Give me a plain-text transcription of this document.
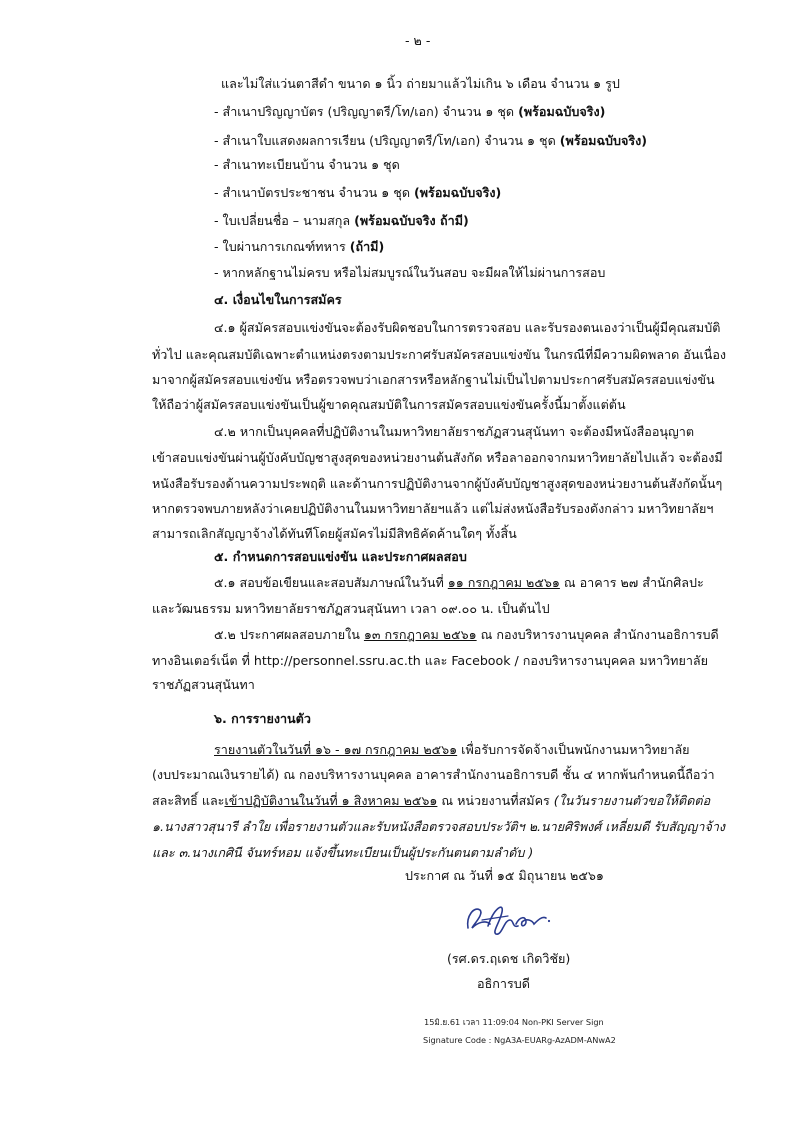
- ๒ -
และไม่ใส่แว่นตาสีดำ ขนาด ๑ นิ้ว ถ่ายมาแล้วไม่เกิน ๖ เดือน จำนวน ๑ รูป
- สำเนาปริญญาบัตร (ปริญญาตรี/โท/เอก) จำนวน ๑ ชุด (พร้อมฉบับจริง)
- สำเนาใบแสดงผลการเรียน (ปริญญาตรี/โท/เอก) จำนวน ๑ ชุด (พร้อมฉบับจริง)
- สำเนาทะเบียนบ้าน จำนวน ๑ ชุด
- สำเนาบัตรประชาชน จำนวน ๑ ชุด (พร้อมฉบับจริง)
- ใบเปลี่ยนชื่อ – นามสกุล (พร้อมฉบับจริง ถ้ามี)
- ใบผ่านการเกณฑ์ทหาร (ถ้ามี)
- หากหลักฐานไม่ครบ หรือไม่สมบูรณ์ในวันสอบ จะมีผลให้ไม่ผ่านการสอบ
๔. เงื่อนไขในการสมัคร
๔.๑ ผู้สมัครสอบแข่งขันจะต้องรับผิดชอบในการตรวจสอบ และรับรองตนเองว่าเป็นผู้มีคุณสมบัติ
ทั่วไป และคุณสมบัติเฉพาะตำแหน่งตรงตามประกาศรับสมัครสอบแข่งขัน ในกรณีที่มีความผิดพลาด อันเนื่อง
มาจากผู้สมัครสอบแข่งขัน หรือตรวจพบว่าเอกสารหรือหลักฐานไม่เป็นไปตามประกาศรับสมัครสอบแข่งขัน
ให้ถือว่าผู้สมัครสอบแข่งขันเป็นผู้ขาดคุณสมบัติในการสมัครสอบแข่งขันครั้งนี้มาตั้งแต่ต้น
๔.๒ หากเป็นบุคคลที่ปฏิบัติงานในมหาวิทยาลัยราชภัฏสวนสุนันทา จะต้องมีหนังสืออนุญาต
เข้าสอบแข่งขันผ่านผู้บังคับบัญชาสูงสุดของหน่วยงานต้นสังกัด หรือลาออกจากมหาวิทยาลัยไปแล้ว จะต้องมี
หนังสือรับรองด้านความประพฤติ และด้านการปฏิบัติงานจากผู้บังคับบัญชาสูงสุดของหน่วยงานต้นสังกัดนั้นๆ
หากตรวจพบภายหลังว่าเคยปฏิบัติงานในมหาวิทยาลัยฯแล้ว แต่ไม่ส่งหนังสือรับรองดังกล่าว มหาวิทยาลัยฯ
สามารถเลิกสัญญาจ้างได้ทันทีโดยผู้สมัครไม่มีสิทธิคัดค้านใดๆ ทั้งสิ้น
๕. กำหนดการสอบแข่งขัน และประกาศผลสอบ
๕.๑ สอบข้อเขียนและสอบสัมภาษณ์ในวันที่ ๑๑ กรกฎาคม ๒๕๖๑ ณ อาคาร ๒๗ สำนักศิลปะ
และวัฒนธรรม มหาวิทยาลัยราชภัฏสวนสุนันทา เวลา ๐๙.๐๐ น. เป็นต้นไป
๕.๒ ประกาศผลสอบภายใน ๑๓ กรกฎาคม ๒๕๖๑ ณ กองบริหารงานบุคคล สำนักงานอธิการบดี
ทางอินเตอร์เน็ต ที่ http://personnel.ssru.ac.th และ Facebook / กองบริหารงานบุคคล มหาวิทยาลัย
ราชภัฏสวนสุนันทา
๖. การรายงานตัว
รายงานตัวในวันที่ ๑๖ - ๑๗ กรกฎาคม ๒๕๖๑ เพื่อรับการจัดจ้างเป็นพนักงานมหาวิทยาลัย
(งบประมาณเงินรายได้) ณ กองบริหารงานบุคคล อาคารสำนักงานอธิการบดี ชั้น ๔ หากพ้นกำหนดนี้ถือว่า
สละสิทธิ์ และเข้าปฏิบัติงานในวันที่ ๑ สิงหาคม ๒๕๖๑ ณ หน่วยงานที่สมัคร (ในวันรายงานตัวขอให้ติดต่อ
๑.นางสาวสุนารี ลำใย เพื่อรายงานตัวและรับหนังสือตรวจสอบประวัติฯ ๒.นายศิริพงศ์ เหลี่ยมดี รับสัญญาจ้าง
และ ๓.นางเกศินี จันทร์หอม แจ้งขึ้นทะเบียนเป็นผู้ประกันตนตามลำดับ )
ประกาศ ณ วันที่ ๑๕ มิถุนายน ๒๕๖๑
(รศ.ดร.ฤเดช เกิดวิชัย)
อธิการบดี
15มิ.ย.61 เวลา 11:09:04 Non-PKI Server Sign
Signature Code : NgA3A-EUARg-AzADM-ANwA2
